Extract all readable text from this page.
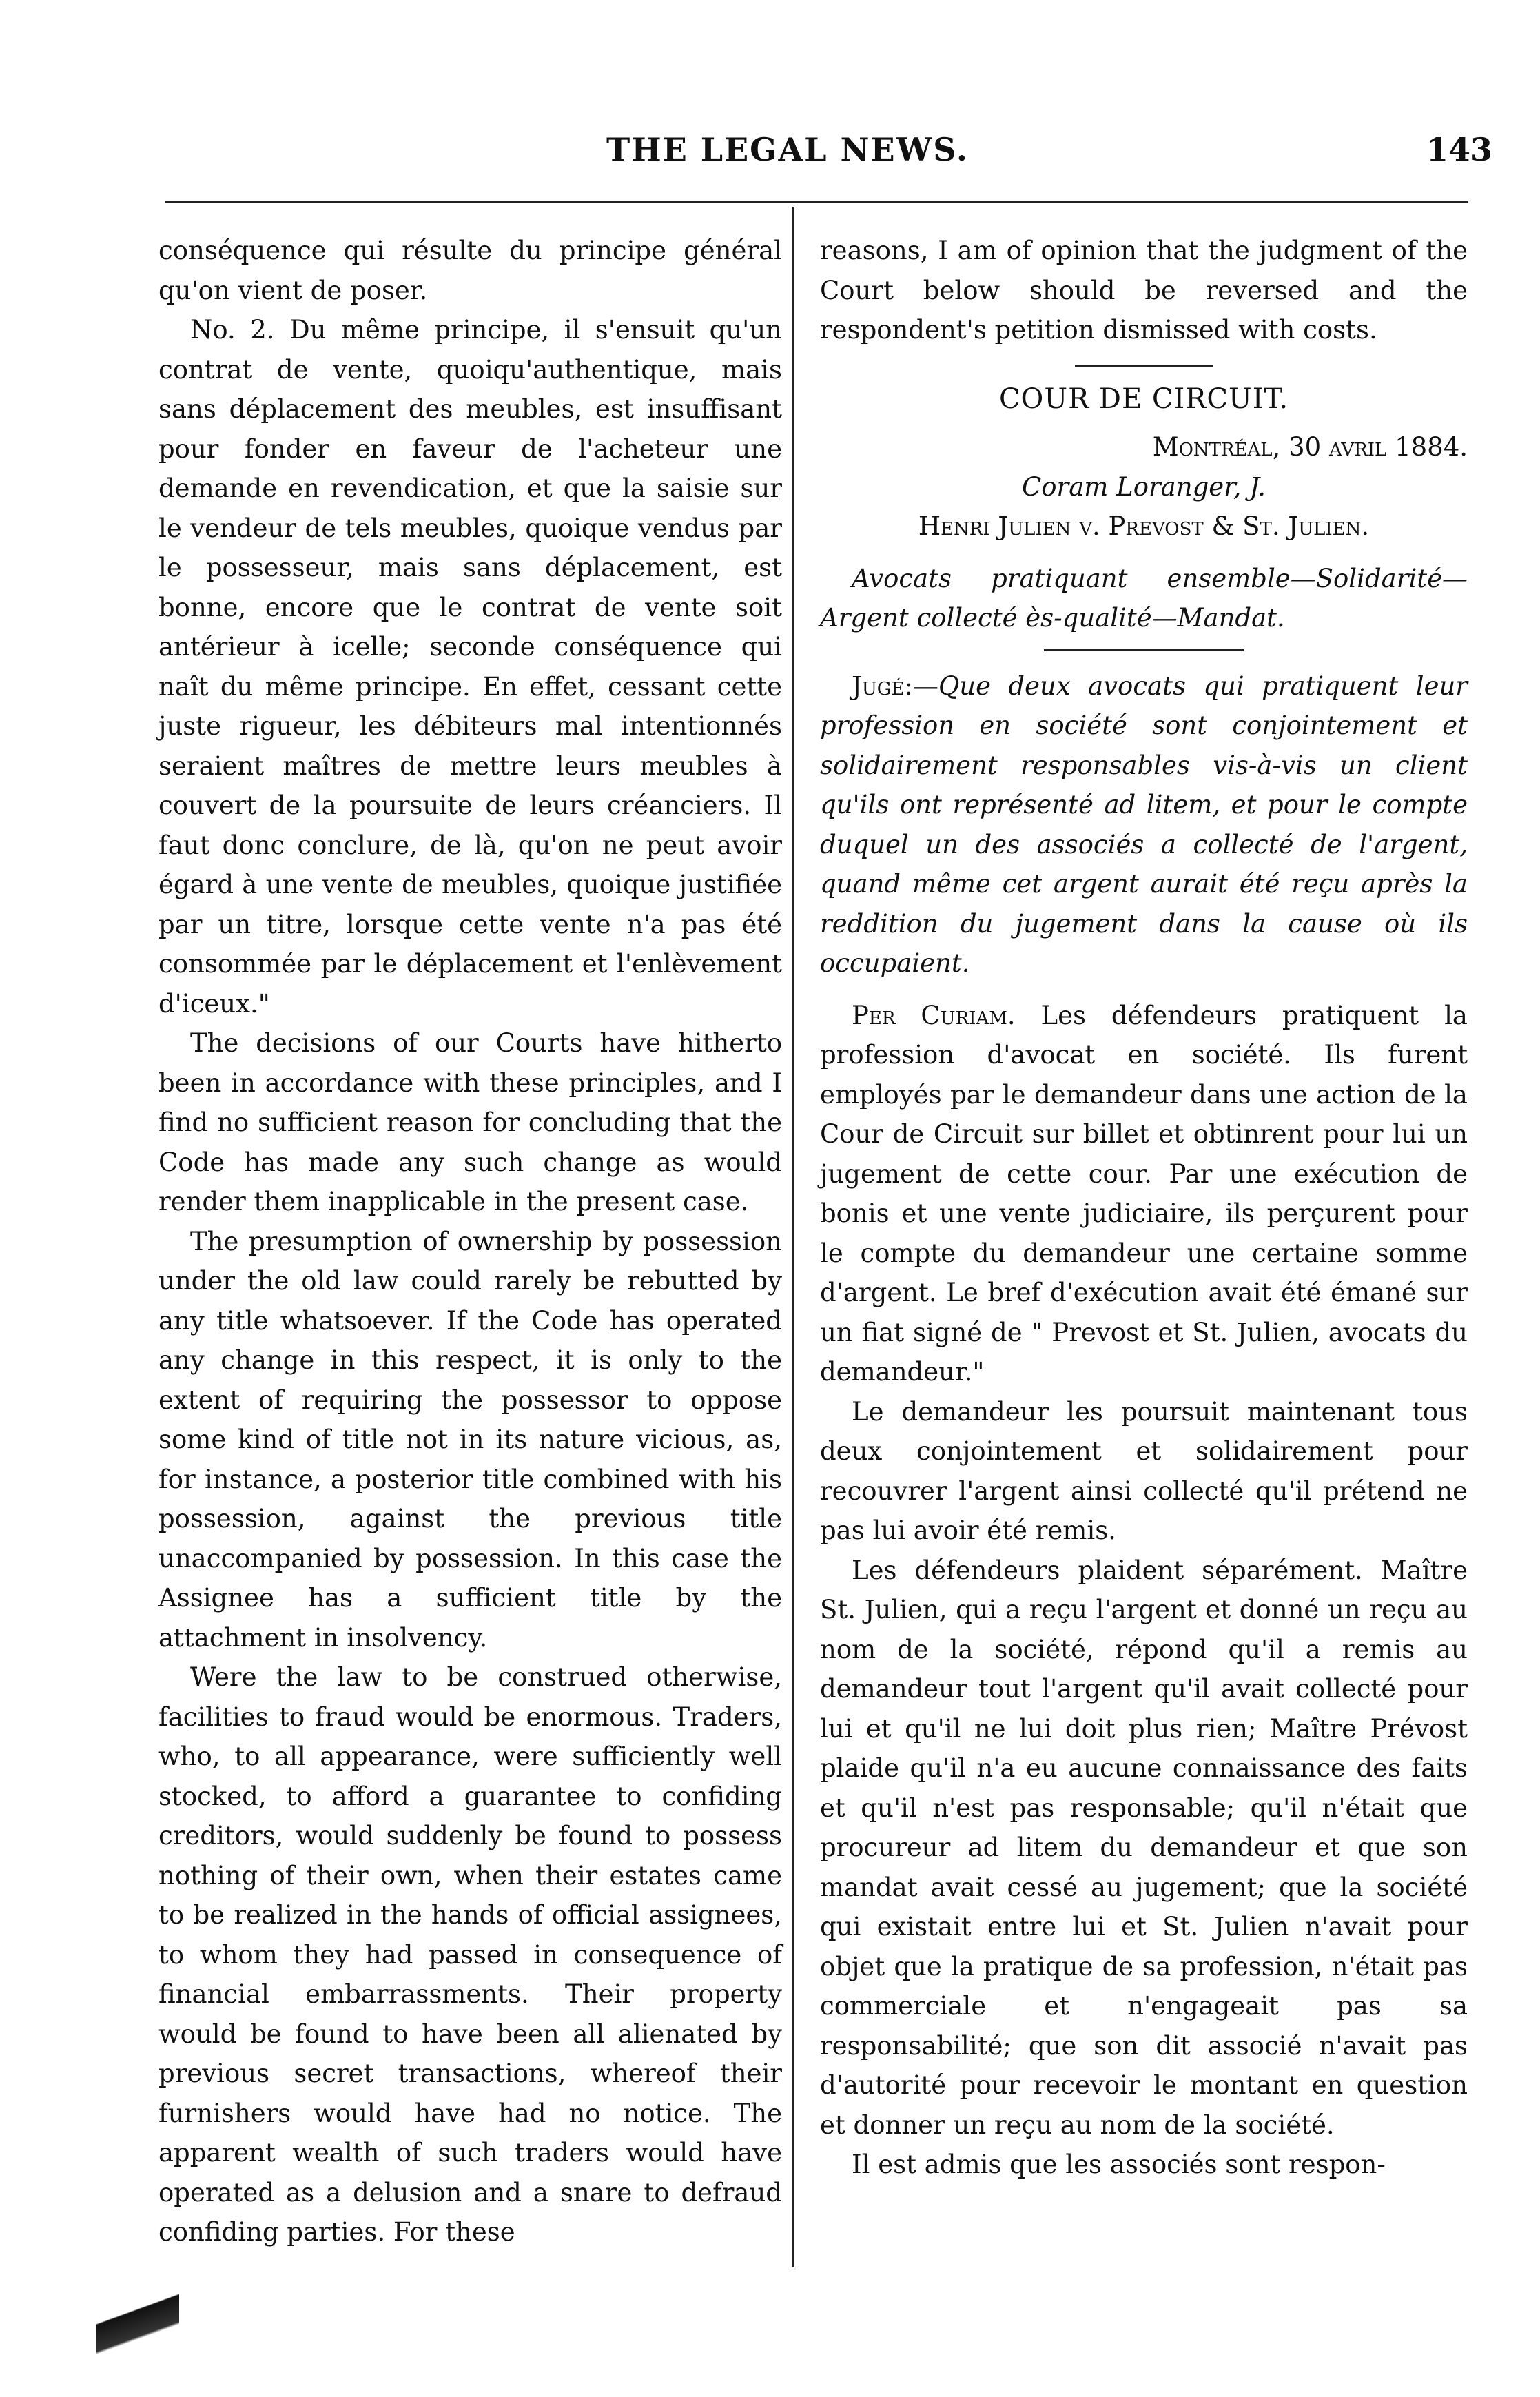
THE LEGAL NEWS.	143

conséquence qui résulte du principe général qu'on vient de poser.

No. 2. Du même principe, il s'ensuit qu'un contrat de vente, quoiqu'authentique, mais sans déplacement des meubles, est insuffisant pour fonder en faveur de l'acheteur une demande en revendication, et que la saisie sur le vendeur de tels meubles, quoique vendus par le possesseur, mais sans déplacement, est bonne, encore que le contrat de vente soit antérieur à icelle; seconde conséquence qui naît du même principe. En effet, cessant cette juste rigueur, les débiteurs mal intentionnés seraient maîtres de mettre leurs meubles à couvert de la poursuite de leurs créanciers. Il faut donc conclure, de là, qu'on ne peut avoir égard à une vente de meubles, quoique justifiée par un titre, lorsque cette vente n'a pas été consommée par le déplacement et l'enlèvement d'iceux."

The decisions of our Courts have hitherto been in accordance with these principles, and I find no sufficient reason for concluding that the Code has made any such change as would render them inapplicable in the present case.

The presumption of ownership by possession under the old law could rarely be rebutted by any title whatsoever. If the Code has operated any change in this respect, it is only to the extent of requiring the possessor to oppose some kind of title not in its nature vicious, as, for instance, a posterior title combined with his possession, against the previous title unaccompanied by possession. In this case the Assignee has a sufficient title by the attachment in insolvency.

Were the law to be construed otherwise, facilities to fraud would be enormous. Traders, who, to all appearance, were sufficiently well stocked, to afford a guarantee to confiding creditors, would suddenly be found to possess nothing of their own, when their estates came to be realized in the hands of official assignees, to whom they had passed in consequence of financial embarrassments. Their property would be found to have been all alienated by previous secret transactions, whereof their furnishers would have had no notice. The apparent wealth of such traders would have operated as a delusion and a snare to defraud confiding parties. For these

reasons, I am of opinion that the judgment of the Court below should be reversed and the respondent's petition dismissed with costs.

COUR DE CIRCUIT.

Montréal, 30 avril 1884.

Coram Loranger, J.

Henri Julien v. Prevost & St. Julien.

Avocats pratiquant ensemble—Solidarité—Argent collecté ès-qualité—Mandat.

Jugé:—Que deux avocats qui pratiquent leur profession en société sont conjointement et solidairement responsables vis-à-vis un client qu'ils ont représenté ad litem, et pour le compte duquel un des associés a collecté de l'argent, quand même cet argent aurait été reçu après la reddition du jugement dans la cause où ils occupaient.

Per Curiam. Les défendeurs pratiquent la profession d'avocat en société. Ils furent employés par le demandeur dans une action de la Cour de Circuit sur billet et obtinrent pour lui un jugement de cette cour. Par une exécution de bonis et une vente judiciaire, ils perçurent pour le compte du demandeur une certaine somme d'argent. Le bref d'exécution avait été émané sur un fiat signé de " Prevost et St. Julien, avocats du demandeur."

Le demandeur les poursuit maintenant tous deux conjointement et solidairement pour recouvrer l'argent ainsi collecté qu'il prétend ne pas lui avoir été remis.

Les défendeurs plaident séparément. Maître St. Julien, qui a reçu l'argent et donné un reçu au nom de la société, répond qu'il a remis au demandeur tout l'argent qu'il avait collecté pour lui et qu'il ne lui doit plus rien; Maître Prévost plaide qu'il n'a eu aucune connaissance des faits et qu'il n'est pas responsable; qu'il n'était que procureur ad litem du demandeur et que son mandat avait cessé au jugement; que la société qui existait entre lui et St. Julien n'avait pour objet que la pratique de sa profession, n'était pas commerciale et n'engageait pas sa responsabilité; que son dit associé n'avait pas d'autorité pour recevoir le montant en question et donner un reçu au nom de la société.

Il est admis que les associés sont respon-
